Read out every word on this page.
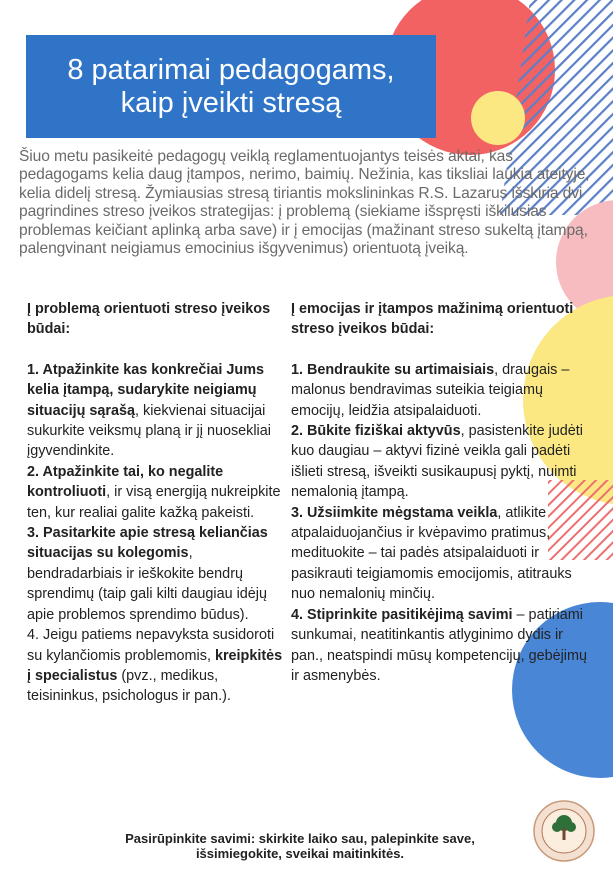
8 patarimai pedagogams,
kaip įveikti stresą
Šiuo metu pasikeitė pedagogų veiklą reglamentuojantys teisės aktai, kas pedagogams kelia daug įtampos, nerimo, baimių. Nežinia, kas tiksliai laukia ateityje, kelia didelį stresą. Žymiausias stresą tiriantis mokslininkas R.S. Lazarus išskiria dvi pagrindines streso įveikos strategijas: į problemą (siekiame išspręsti iškilusias problemas keičiant aplinką arba save) ir į emocijas (mažinant streso sukeltą įtampą, palengvinant neigiamus emocinius išgyvenimus) orientuotą įveiką.
Į problemą orientuoti streso įveikos būdai:

1. Atpažinkite kas konkrečiai Jums kelia įtampą, sudarykite neigiamų situacijų sąrašą, kiekvienai situacijai sukurkite veiksmų planą ir jį nuosekliai įgyvendinkite.

2. Atpažinkite tai, ko negalite kontroliuoti, ir visą energiją nukreipkite ten, kur realiai galite kažką pakeisti.

3. Pasitarkite apie stresą keliančias situacijas su kolegomis, bendradarbiais ir ieškokite bendrų sprendimų (taip gali kilti daugiau idėjų apie problemos sprendimo būdus).

4. Jeigu patiems nepavyksta susidoroti su kylančiomis problemomis, kreipkitės į specialistus (pvz., medikus, teisininkus, psichologus ir pan.).

Į emocijas ir įtampos mažinimą orientuoti streso įveikos būdai:

1. Bendraukite su artimaisiais, draugais – malonus bendravimas suteikia teigiamų emocijų, leidžia atsipalaiduoti.

2. Būkite fiziškai aktyvūs, pasistenkite judėti kuo daugiau – aktyvi fizinė veikla gali padėti išlieti stresą, išveikti susikaupusį pyktį, nuimti nemalonią įtampą.

3. Užsiimkite mėgstama veikla, atlikite atpalaiduojančius ir kvėpavimo pratimus, medituokite – tai padės atsipalaiduoti ir pasikrauti teigiamomis emocijomis, atitrauks nuo nemalonių minčių.

4. Stiprinkite pasitikėjimą savimi – patiriami sunkumai, neatitinkantis atlyginimo dydis ir pan., neatspindi mūsų kompetencijų, gebėjimų ir asmenybės.

Pasirūpinkite savimi: skirkite laiko sau, palepinkite save,
išsimiegokite, sveikai maitinkitės.
